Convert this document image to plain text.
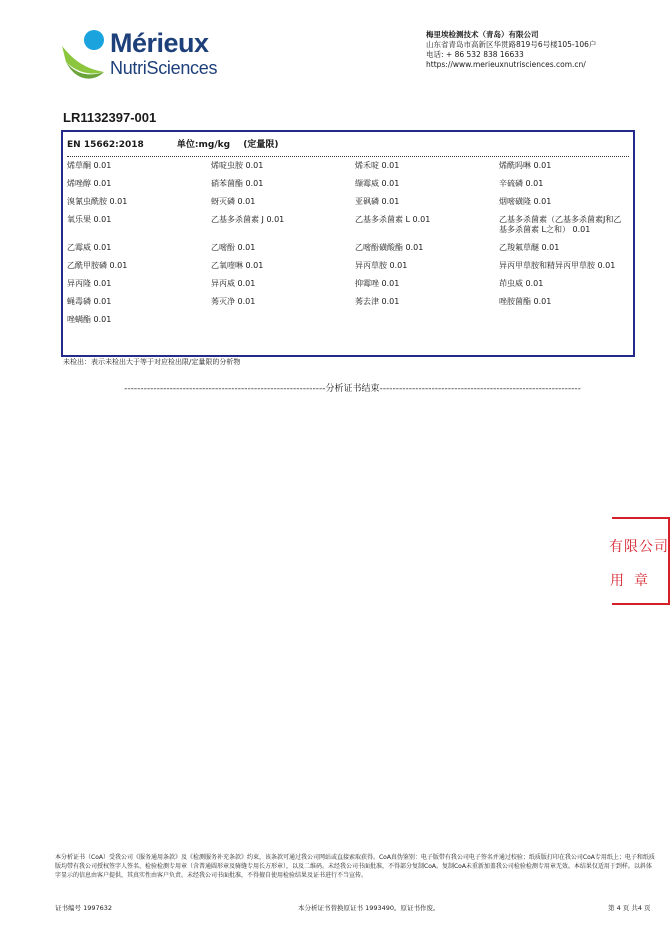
Mérieux
NutriSciences
梅里埃检测技术（青岛）有限公司
山东省青岛市高新区华贯路819号6号楼105-106户
电话: + 86 532 838 16633
https://www.merieuxnutrisciences.com.cn/
LR1132397-001
EN 15662:2018	单位:mg/kg (定量限)
烯草酮 0.01	烯啶虫胺 0.01	烯禾啶 0.01	烯酰吗啉 0.01
烯唑醇 0.01	硝苯菌酯 0.01	缬霉威 0.01	辛硫磷 0.01
溴氰虫酰胺 0.01	蚜灭磷 0.01	亚砜磷 0.01	烟嘧磺隆 0.01
氧乐果 0.01	乙基多杀菌素 J 0.01	乙基多杀菌素 L 0.01	乙基多杀菌素（乙基多杀菌素J和乙基多杀菌素 L之和） 0.01
乙霉威 0.01	乙嘧酚 0.01	乙嘧酚磺酸酯 0.01	乙羧氟草醚 0.01
乙酰甲胺磷 0.01	乙氧喹啉 0.01	异丙草胺 0.01	异丙甲草胺和精异丙甲草胺 0.01
异丙隆 0.01	异丙威 0.01	抑霉唑 0.01	茚虫威 0.01
蝇毒磷 0.01	莠灭净 0.01	莠去津 0.01	唑胺菌酯 0.01
唑螨酯 0.01
未检出：表示未检出大于等于对应检出限/定量限的分析物
--------------------------------------------------------------分析证书结束--------------------------------------------------------------
有限公司
用章
本分析证书（CoA）受我公司《服务通用条款》及《检测服务补充条款》约束，该条款可通过我公司网站或直接索取获得。CoA真伪鉴别：电子版带有我公司电子签名并通过校验；纸质版打印在我公司CoA专用纸上；电子和纸质版均带有我公司授权签字人签名、检验检测专用章（含普通圆形章及骑缝专用长方形章），以及二维码。未经我公司书面批准，不得部分复制CoA。复制CoA未重新加盖我公司检验检测专用章无效。本结果仅适用于到样。以斜体字显示的信息由客户提供，其真实性由客户负责。未经我公司书面批准，不得擅自使用检验结果及证书进行不当宣传。
证书编号 1997632	本分析证书替换原证书 1993490。原证书作废。	第 4 页 共4 页
